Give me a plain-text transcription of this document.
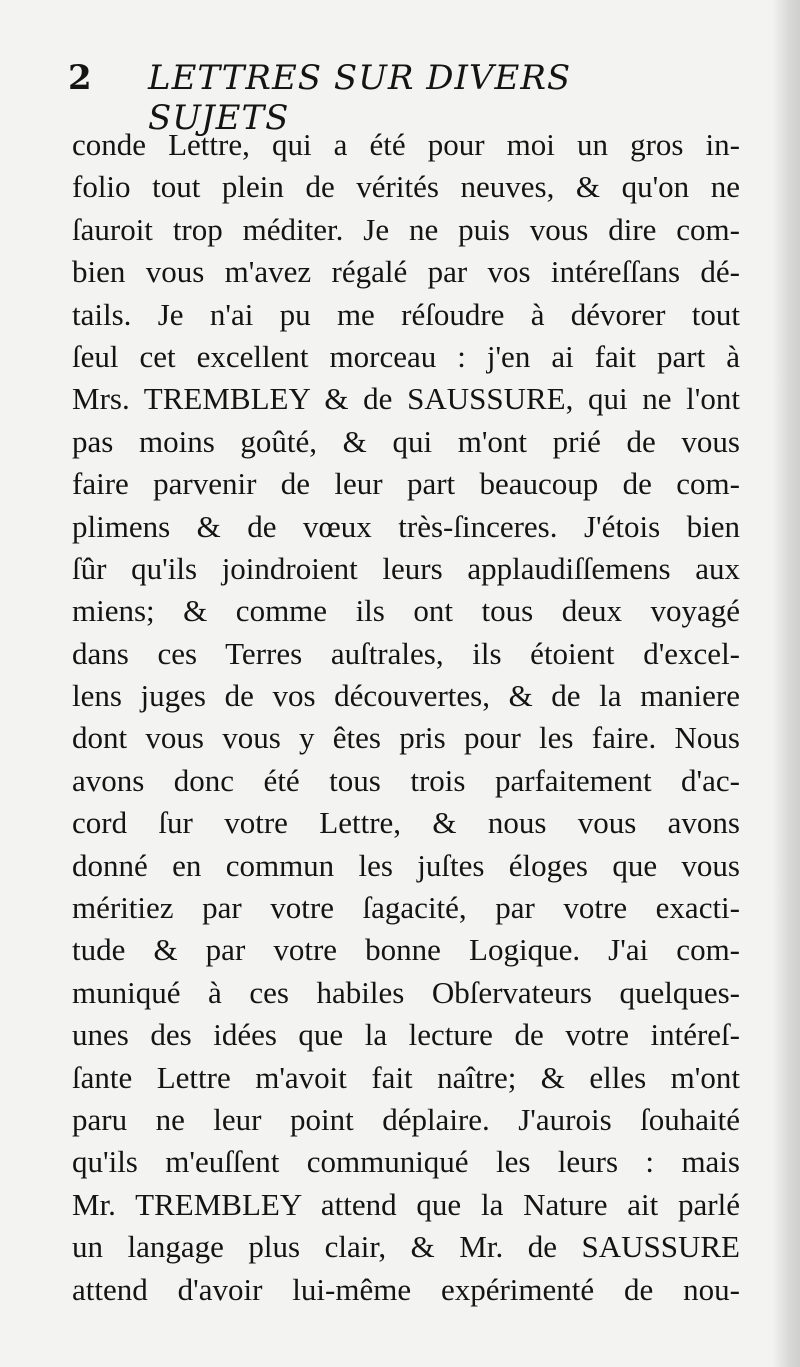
2 LETTRES SUR DIVERS SUJETS
conde Lettre, qui a été pour moi un gros in-
folio tout plein de vérités neuves, & qu'on ne
ſauroit trop méditer. Je ne puis vous dire com-
bien vous m'avez régalé par vos intéreſſans dé-
tails. Je n'ai pu me réſoudre à dévorer tout
ſeul cet excellent morceau : j'en ai fait part à
Mrs. TREMBLEY & de SAUSSURE, qui ne l'ont
pas moins goûté, & qui m'ont prié de vous
faire parvenir de leur part beaucoup de com-
plimens & de vœux très-ſinceres. J'étois bien
ſûr qu'ils joindroient leurs applaudiſſemens aux
miens; & comme ils ont tous deux voyagé
dans ces Terres auſtrales, ils étoient d'excel-
lens juges de vos découvertes, & de la maniere
dont vous vous y êtes pris pour les faire. Nous
avons donc été tous trois parfaitement d'ac-
cord ſur votre Lettre, & nous vous avons
donné en commun les juſtes éloges que vous
méritiez par votre ſagacité, par votre exacti-
tude & par votre bonne Logique. J'ai com-
muniqué à ces habiles Obſervateurs quelques-
unes des idées que la lecture de votre intéreſ-
ſante Lettre m'avoit fait naître; & elles m'ont
paru ne leur point déplaire. J'aurois ſouhaité
qu'ils m'euſſent communiqué les leurs : mais
Mr. TREMBLEY attend que la Nature ait parlé
un langage plus clair, & Mr. de SAUSSURE
attend d'avoir lui-même expérimenté de nou-
